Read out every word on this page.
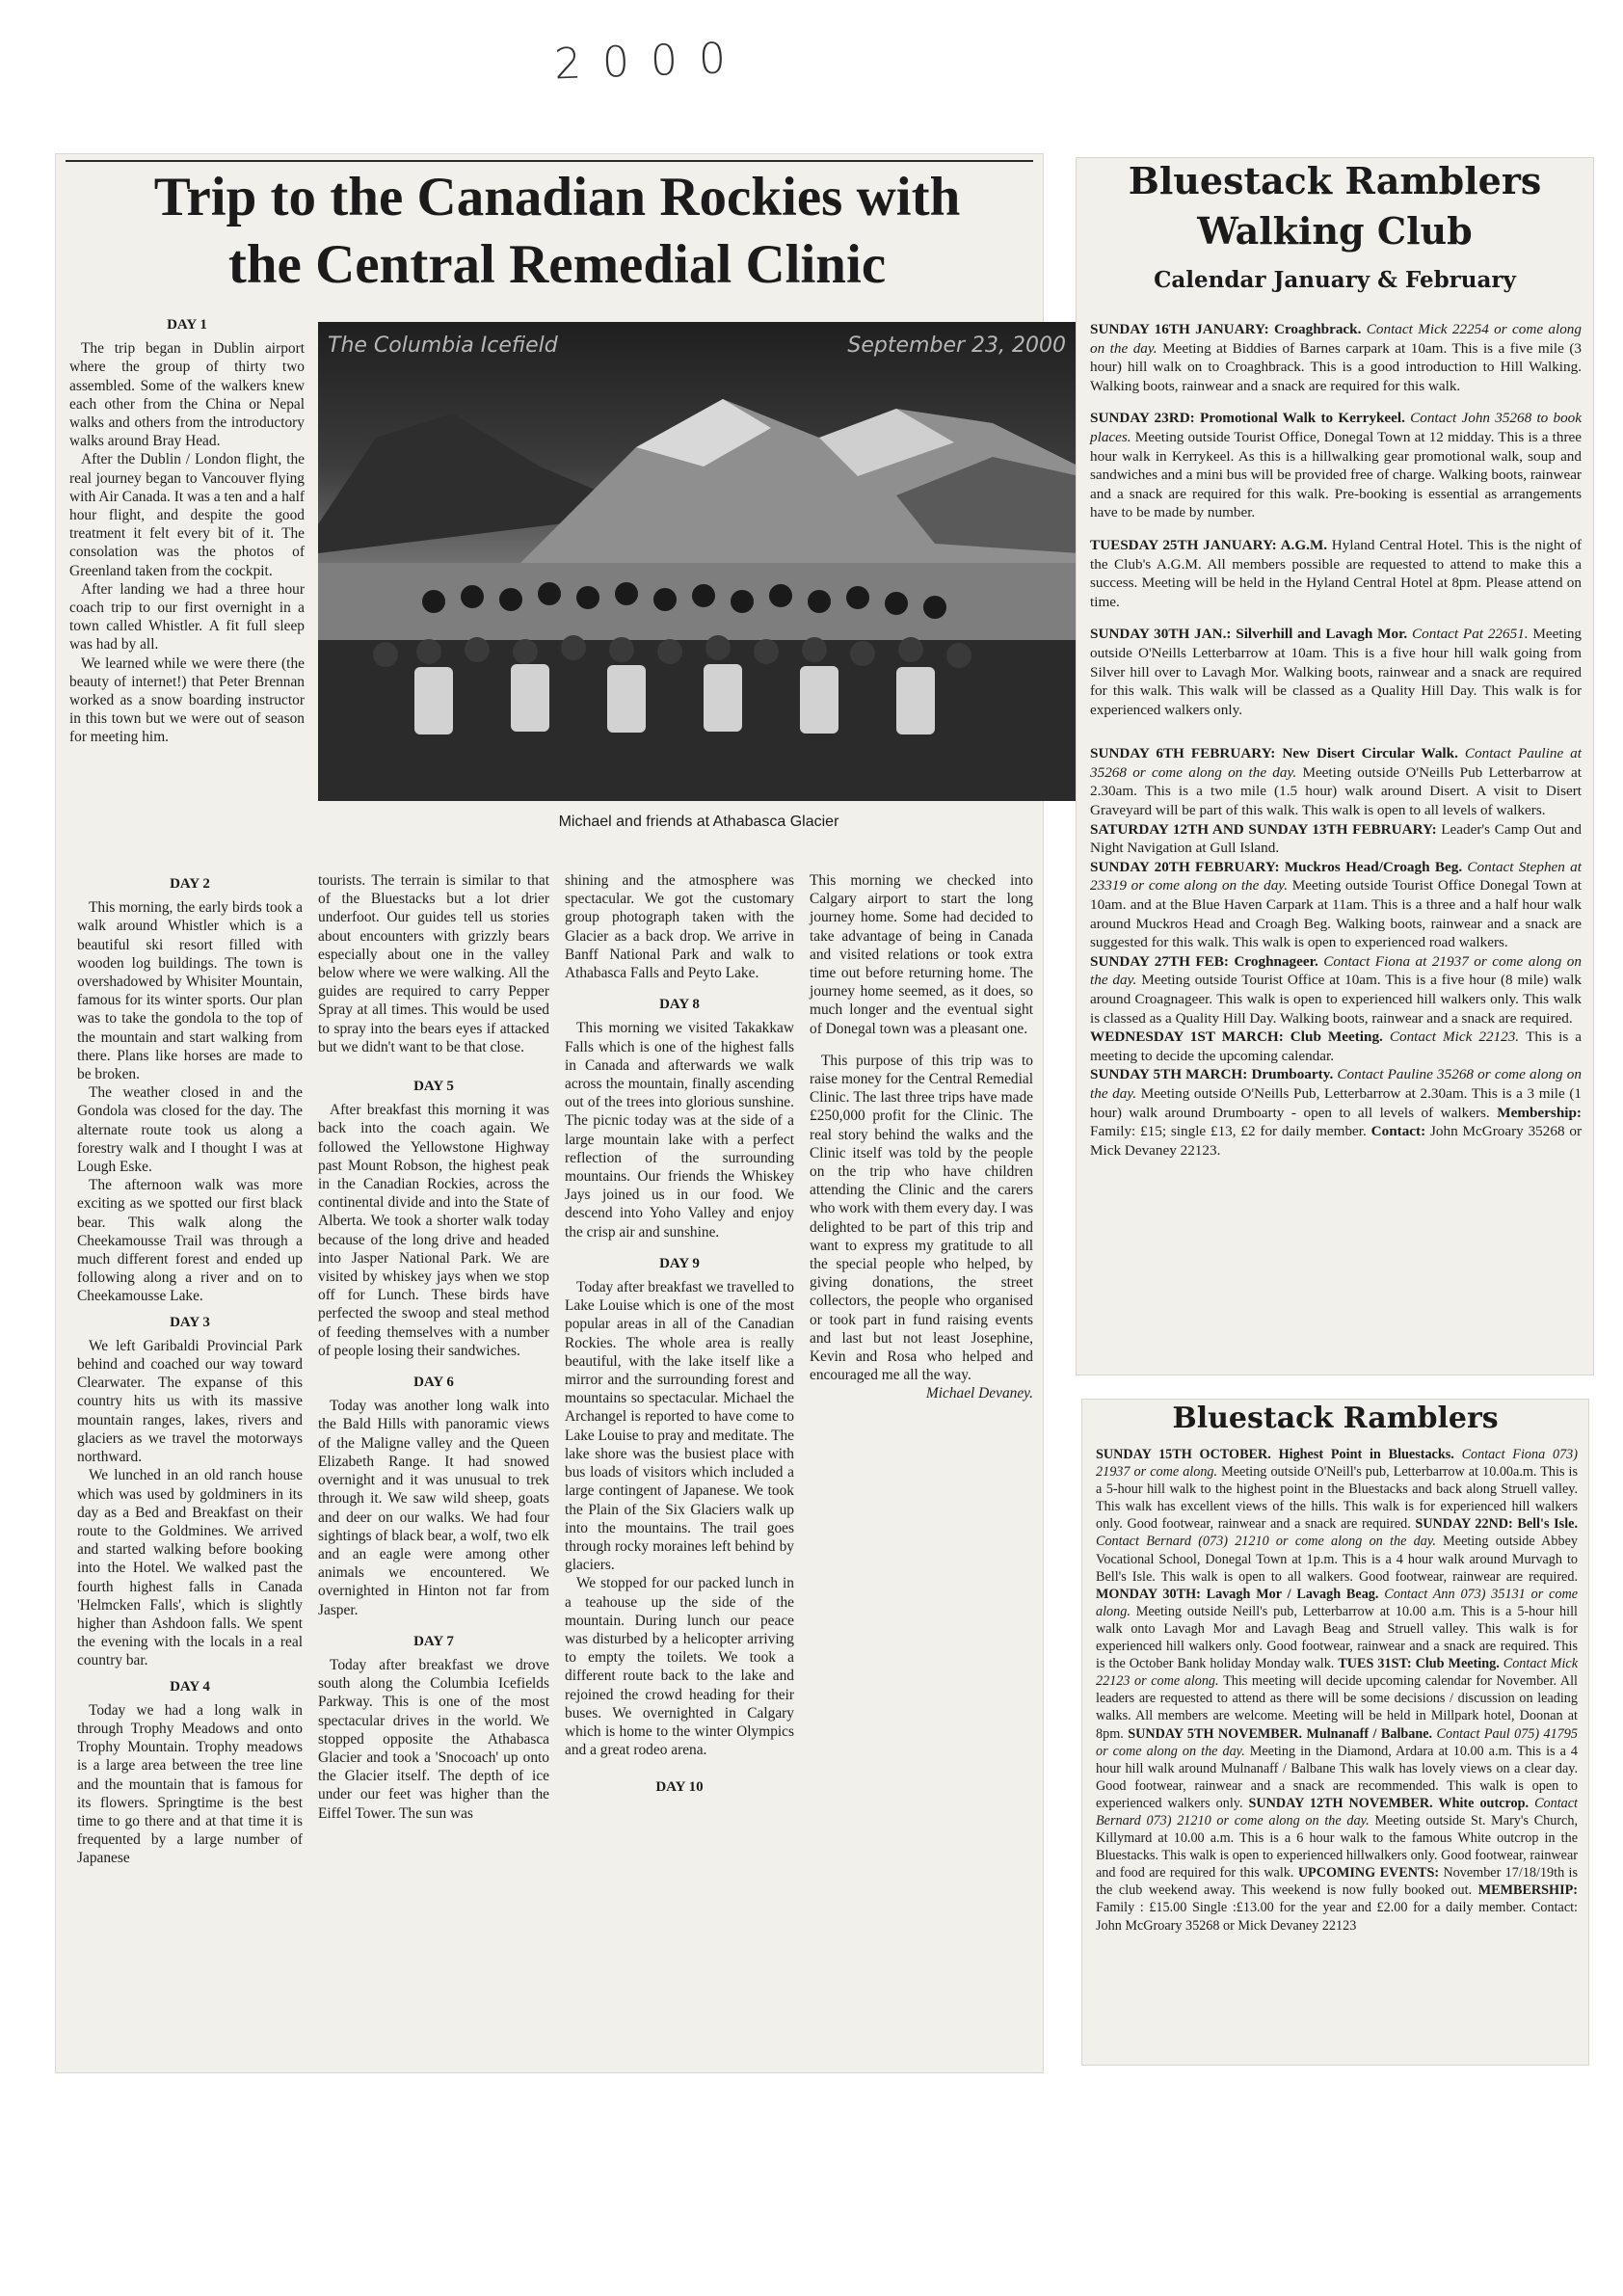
2000
Trip to the Canadian Rockies with
the Central Remedial Clinic
The Columbia Icefield	September 23, 2000
Michael and friends at Athabasca Glacier
DAY 1

The trip began in Dublin airport where the group of thirty two assembled. Some of the walkers knew each other from the China or Nepal walks and others from the introductory walks around Bray Head.

After the Dublin / London flight, the real journey began to Vancouver flying with Air Canada. It was a ten and a half hour flight, and despite the good treatment it felt every bit of it. The consolation was the photos of Greenland taken from the cockpit.

After landing we had a three hour coach trip to our first overnight in a town called Whistler. A fit full sleep was had by all.

We learned while we were there (the beauty of internet!) that Peter Brennan worked as a snow boarding instructor in this town but we were out of season for meeting him.

DAY 2

This morning, the early birds took a walk around Whistler which is a beautiful ski resort filled with wooden log buildings. The town is overshadowed by Whisiter Mountain, famous for its winter sports. Our plan was to take the gondola to the top of the mountain and start walking from there. Plans like horses are made to be broken.

The weather closed in and the Gondola was closed for the day. The alternate route took us along a forestry walk and I thought I was at Lough Eske.

The afternoon walk was more exciting as we spotted our first black bear. This walk along the Cheekamousse Trail was through a much different forest and ended up following along a river and on to Cheekamousse Lake.

DAY 3

We left Garibaldi Provincial Park behind and coached our way toward Clearwater. The expanse of this country hits us with its massive mountain ranges, lakes, rivers and glaciers as we travel the motorways northward.

We lunched in an old ranch house which was used by goldminers in its day as a Bed and Breakfast on their route to the Goldmines. We arrived and started walking before booking into the Hotel. We walked past the fourth highest falls in Canada 'Helmcken Falls', which is slightly higher than Ashdoon falls. We spent the evening with the locals in a real country bar.

DAY 4

Today we had a long walk in through Trophy Meadows and onto Trophy Mountain. Trophy meadows is a large area between the tree line and the mountain that is famous for its flowers. Springtime is the best time to go there and at that time it is frequented by a large number of Japanese

tourists. The terrain is similar to that of the Bluestacks but a lot drier underfoot. Our guides tell us stories about encounters with grizzly bears especially about one in the valley below where we were walking. All the guides are required to carry Pepper Spray at all times. This would be used to spray into the bears eyes if attacked but we didn't want to be that close.

DAY 5

After breakfast this morning it was back into the coach again. We followed the Yellowstone Highway past Mount Robson, the highest peak in the Canadian Rockies, across the continental divide and into the State of Alberta. We took a shorter walk today because of the long drive and headed into Jasper National Park. We are visited by whiskey jays when we stop off for Lunch. These birds have perfected the swoop and steal method of feeding themselves with a number of people losing their sandwiches.

DAY 6

Today was another long walk into the Bald Hills with panoramic views of the Maligne valley and the Queen Elizabeth Range. It had snowed overnight and it was unusual to trek through it. We saw wild sheep, goats and deer on our walks. We had four sightings of black bear, a wolf, two elk and an eagle were among other animals we encountered. We overnighted in Hinton not far from Jasper.

DAY 7

Today after breakfast we drove south along the Columbia Icefields Parkway. This is one of the most spectacular drives in the world. We stopped opposite the Athabasca Glacier and took a 'Snocoach' up onto the Glacier itself. The depth of ice under our feet was higher than the Eiffel Tower. The sun was

shining and the atmosphere was spectacular. We got the customary group photograph taken with the Glacier as a back drop. We arrive in Banff National Park and walk to Athabasca Falls and Peyto Lake.

DAY 8

This morning we visited Takakkaw Falls which is one of the highest falls in Canada and afterwards we walk across the mountain, finally ascending out of the trees into glorious sunshine. The picnic today was at the side of a large mountain lake with a perfect reflection of the surrounding mountains. Our friends the Whiskey Jays joined us in our food. We descend into Yoho Valley and enjoy the crisp air and sunshine.

DAY 9

Today after breakfast we travelled to Lake Louise which is one of the most popular areas in all of the Canadian Rockies. The whole area is really beautiful, with the lake itself like a mirror and the surrounding forest and mountains so spectacular. Michael the Archangel is reported to have come to Lake Louise to pray and meditate. The lake shore was the busiest place with bus loads of visitors which included a large contingent of Japanese. We took the Plain of the Six Glaciers walk up into the mountains. The trail goes through rocky moraines left behind by glaciers.

We stopped for our packed lunch in a teahouse up the side of the mountain. During lunch our peace was disturbed by a helicopter arriving to empty the toilets. We took a different route back to the lake and rejoined the crowd heading for their buses. We overnighted in Calgary which is home to the winter Olympics and a great rodeo arena.

DAY 10

This morning we checked into Calgary airport to start the long journey home. Some had decided to take advantage of being in Canada and visited relations or took extra time out before returning home. The journey home seemed, as it does, so much longer and the eventual sight of Donegal town was a pleasant one.

This purpose of this trip was to raise money for the Central Remedial Clinic. The last three trips have made £250,000 profit for the Clinic. The real story behind the walks and the Clinic itself was told by the people on the trip who have children attending the Clinic and the carers who work with them every day. I was delighted to be part of this trip and want to express my gratitude to all the special people who helped, by giving donations, the street collectors, the people who organised or took part in fund raising events and last but not least Josephine, Kevin and Rosa who helped and encouraged me all the way.

Michael Devaney.

Bluestack Ramblers
Walking Club
Calendar January & February
SUNDAY 16TH JANUARY: Croaghbrack. Contact Mick 22254 or come along on the day. Meeting at Biddies of Barnes carpark at 10am. This is a five mile (3 hour) hill walk on to Croaghbrack. This is a good introduction to Hill Walking. Walking boots, rainwear and a snack are required for this walk.
SUNDAY 23RD: Promotional Walk to Kerrykeel. Contact John 35268 to book places. Meeting outside Tourist Office, Donegal Town at 12 midday. This is a three hour walk in Kerrykeel. As this is a hillwalking gear promotional walk, soup and sandwiches and a mini bus will be provided free of charge. Walking boots, rainwear and a snack are required for this walk. Pre-booking is essential as arrangements have to be made by number.
TUESDAY 25TH JANUARY: A.G.M. Hyland Central Hotel. This is the night of the Club's A.G.M. All members possible are requested to attend to make this a success. Meeting will be held in the Hyland Central Hotel at 8pm. Please attend on time.
SUNDAY 30TH JAN.: Silverhill and Lavagh Mor. Contact Pat 22651. Meeting outside O'Neills Letterbarrow at 10am. This is a five hour hill walk going from Silver hill over to Lavagh Mor. Walking boots, rainwear and a snack are required for this walk. This walk will be classed as a Quality Hill Day. This walk is for experienced walkers only.
SUNDAY 6TH FEBRUARY: New Disert Circular Walk. Contact Pauline at 35268 or come along on the day. Meeting outside O'Neills Pub Letterbarrow at 2.30am. This is a two mile (1.5 hour) walk around Disert. A visit to Disert Graveyard will be part of this walk. This walk is open to all levels of walkers.
SATURDAY 12TH AND SUNDAY 13TH FEBRUARY: Leader's Camp Out and Night Navigation at Gull Island.
SUNDAY 20TH FEBRUARY: Muckros Head/Croagh Beg. Contact Stephen at 23319 or come along on the day. Meeting outside Tourist Office Donegal Town at 10am. and at the Blue Haven Carpark at 11am. This is a three and a half hour walk around Muckros Head and Croagh Beg. Walking boots, rainwear and a snack are suggested for this walk. This walk is open to experienced road walkers.
SUNDAY 27TH FEB: Croghnageer. Contact Fiona at 21937 or come along on the day. Meeting outside Tourist Office at 10am. This is a five hour (8 mile) walk around Croagnageer. This walk is open to experienced hill walkers only. This walk is classed as a Quality Hill Day. Walking boots, rainwear and a snack are required.
WEDNESDAY 1ST MARCH: Club Meeting. Contact Mick 22123. This is a meeting to decide the upcoming calendar.
SUNDAY 5TH MARCH: Drumboarty. Contact Pauline 35268 or come along on the day. Meeting outside O'Neills Pub, Letterbarrow at 2.30am. This is a 3 mile (1 hour) walk around Drumboarty - open to all levels of walkers. Membership: Family: £15; single £13, £2 for daily member. Contact: John McGroary 35268 or Mick Devaney 22123.
Bluestack Ramblers
SUNDAY 15TH OCTOBER. Highest Point in Bluestacks. Contact Fiona 073) 21937 or come along. Meeting outside O'Neill's pub, Letterbarrow at 10.00a.m. This is a 5-hour hill walk to the highest point in the Bluestacks and back along Struell valley. This walk has excellent views of the hills. This walk is for experienced hill walkers only. Good footwear, rainwear and a snack are required. SUNDAY 22ND: Bell's Isle. Contact Bernard (073) 21210 or come along on the day. Meeting outside Abbey Vocational School, Donegal Town at 1p.m. This is a 4 hour walk around Murvagh to Bell's Isle. This walk is open to all walkers. Good footwear, rainwear are required. MONDAY 30TH: Lavagh Mor / Lavagh Beag. Contact Ann 073) 35131 or come along. Meeting outside Neill's pub, Letterbarrow at 10.00 a.m. This is a 5-hour hill walk onto Lavagh Mor and Lavagh Beag and Struell valley. This walk is for experienced hill walkers only. Good footwear, rainwear and a snack are required. This is the October Bank holiday Monday walk. TUES 31ST: Club Meeting. Contact Mick 22123 or come along. This meeting will decide upcoming calendar for November. All leaders are requested to attend as there will be some decisions / discussion on leading walks. All members are welcome. Meeting will be held in Millpark hotel, Doonan at 8pm. SUNDAY 5TH NOVEMBER. Mulnanaff / Balbane. Contact Paul 075) 41795 or come along on the day. Meeting in the Diamond, Ardara at 10.00 a.m. This is a 4 hour hill walk around Mulnanaff / Balbane This walk has lovely views on a clear day. Good footwear, rainwear and a snack are recommended. This walk is open to experienced walkers only. SUNDAY 12TH NOVEMBER. White outcrop. Contact Bernard 073) 21210 or come along on the day. Meeting outside St. Mary's Church, Killymard at 10.00 a.m. This is a 6 hour walk to the famous White outcrop in the Bluestacks. This walk is open to experienced hillwalkers only. Good footwear, rainwear and food are required for this walk. UPCOMING EVENTS: November 17/18/19th is the club weekend away. This weekend is now fully booked out. MEMBERSHIP: Family : £15.00 Single :£13.00 for the year and £2.00 for a daily member. Contact: John McGroary 35268 or Mick Devaney 22123
